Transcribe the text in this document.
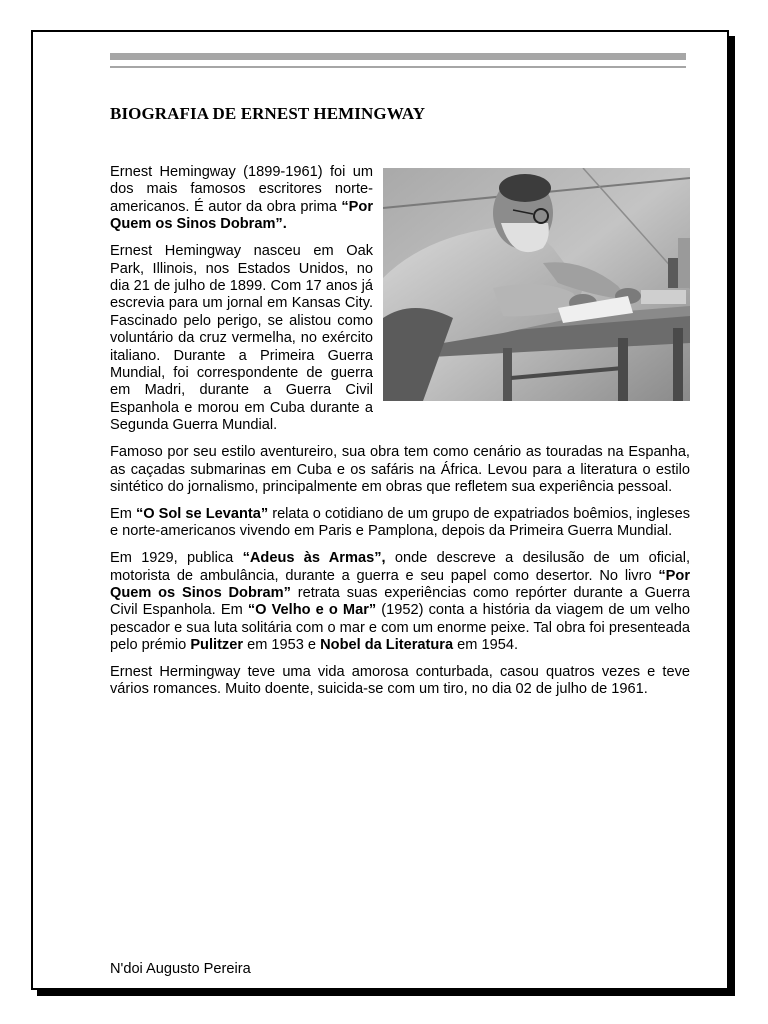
BIOGRAFIA DE ERNEST HEMINGWAY

Ernest Hemingway (1899-1961) foi um dos mais famosos escritores norte-americanos. É autor da obra prima “Por Quem os Sinos Dobram”.

Ernest Hemingway nasceu em Oak Park, Illinois, nos Estados Unidos, no dia 21 de julho de 1899. Com 17 anos já escrevia para um jornal em Kansas City. Fascinado pelo perigo, se alistou como voluntário da cruz vermelha, no exército italiano. Durante a Primeira Guerra Mundial, foi correspondente de guerra em Madri, durante a Guerra Civil Espanhola e morou em Cuba durante a Segunda Guerra Mundial.

Famoso por seu estilo aventureiro, sua obra tem como cenário as touradas na Espanha, as caçadas submarinas em Cuba e os safáris na África. Levou para a literatura o estilo sintético do jornalismo, principalmente em obras que refletem sua experiência pessoal.

Em “O Sol se Levanta” relata o cotidiano de um grupo de expatriados boêmios, ingleses e norte-americanos vivendo em Paris e Pamplona, depois da Primeira Guerra Mundial.

Em 1929, publica “Adeus às Armas”, onde descreve a desilusão de um oficial, motorista de ambulância, durante a guerra e seu papel como desertor. No livro “Por Quem os Sinos Dobram” retrata suas experiências como repórter durante a Guerra Civil Espanhola. Em “O Velho e o Mar” (1952) conta a história da viagem de um velho pescador e sua luta solitária com o mar e com um enorme peixe. Tal obra foi presenteada pelo prémio Pulitzer em 1953 e Nobel da Literatura em 1954.

Ernest Hermingway teve uma vida amorosa conturbada, casou quatros vezes e teve vários romances. Muito doente, suicida-se com um tiro, no dia 02 de julho de 1961.

N'doi Augusto Pereira
